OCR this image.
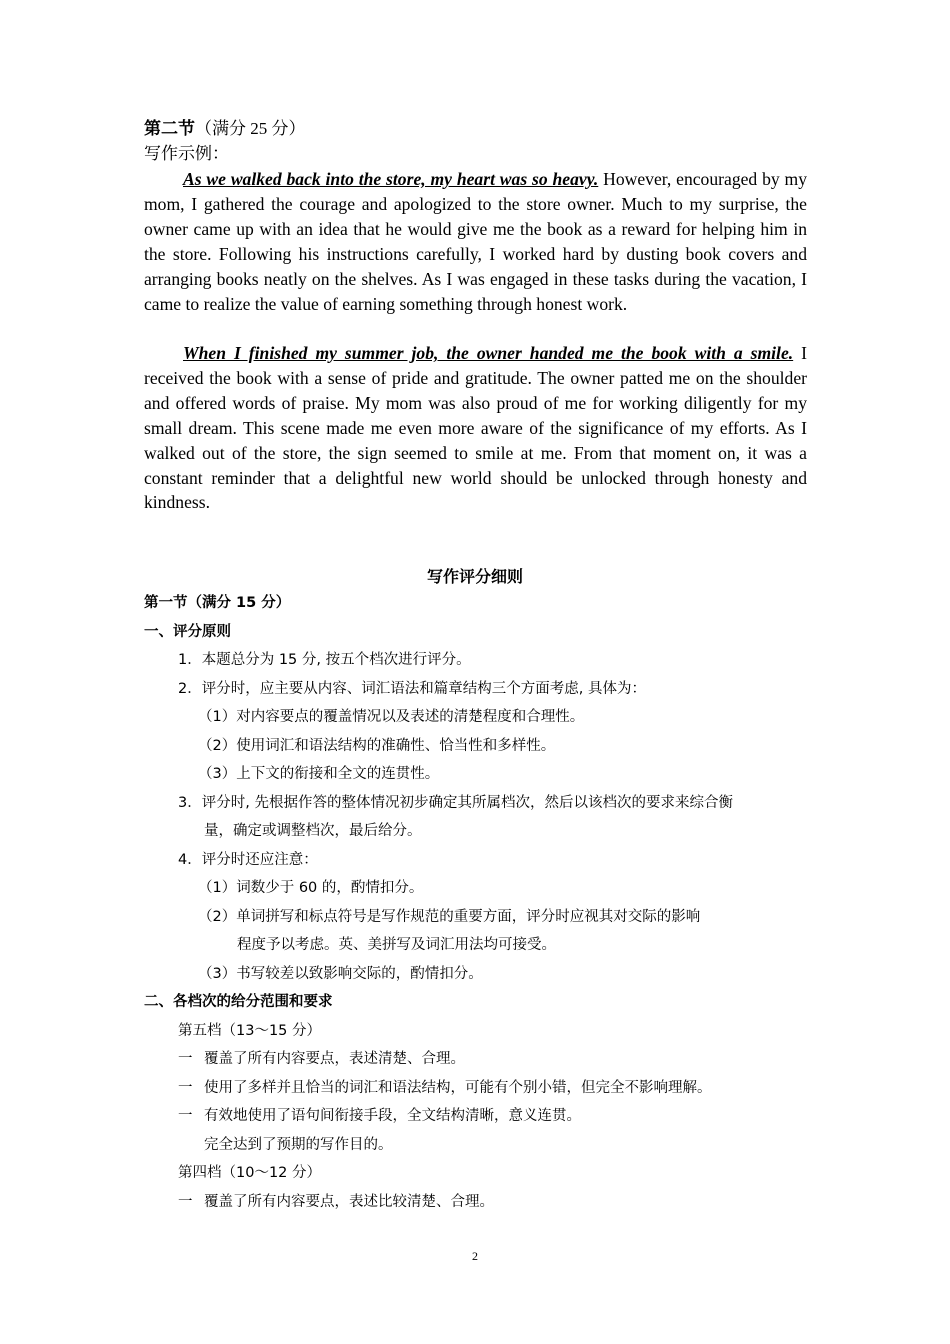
第二节（满分 25 分）
写作示例：

As we walked back into the store, my heart was so heavy. However, encouraged by my mom, I gathered the courage and apologized to the store owner. Much to my surprise, the owner came up with an idea that he would give me the book as a reward for helping him in the store. Following his instructions carefully, I worked hard by dusting book covers and arranging books neatly on the shelves. As I was engaged in these tasks during the vacation, I came to realize the value of earning something through honest work.

When I finished my summer job, the owner handed me the book with a smile. I received the book with a sense of pride and gratitude. The owner patted me on the shoulder and offered words of praise. My mom was also proud of me for working diligently for my small dream. This scene made me even more aware of the significance of my efforts. As I walked out of the store, the sign seemed to smile at me. From that moment on, it was a constant reminder that a delightful new world should be unlocked through honesty and kindness.

写作评分细则
第一节（满分 15 分）
一、评分原则
1．本题总分为 15 分, 按五个档次进行评分。
2．评分时，应主要从内容、词汇语法和篇章结构三个方面考虑, 具体为：
（1）对内容要点的覆盖情况以及表述的清楚程度和合理性。
（2）使用词汇和语法结构的准确性、恰当性和多样性。
（3）上下文的衔接和全文的连贯性。
3．评分时, 先根据作答的整体情况初步确定其所属档次，然后以该档次的要求来综合衡
量，确定或调整档次，最后给分。
4．评分时还应注意：
（1）词数少于 60 的，酌情扣分。
（2）单词拼写和标点符号是写作规范的重要方面，评分时应视其对交际的影响
程度予以考虑。英、美拼写及词汇用法均可接受。
（3）书写较差以致影响交际的，酌情扣分。
二、各档次的给分范围和要求
第五档（13～15 分）
一 覆盖了所有内容要点，表述清楚、合理。
一 使用了多样并且恰当的词汇和语法结构，可能有个别小错，但完全不影响理解。
一 有效地使用了语句间衔接手段，全文结构清晰，意义连贯。
完全达到了预期的写作目的。
第四档（10～12 分）
一 覆盖了所有内容要点，表述比较清楚、合理。
2
